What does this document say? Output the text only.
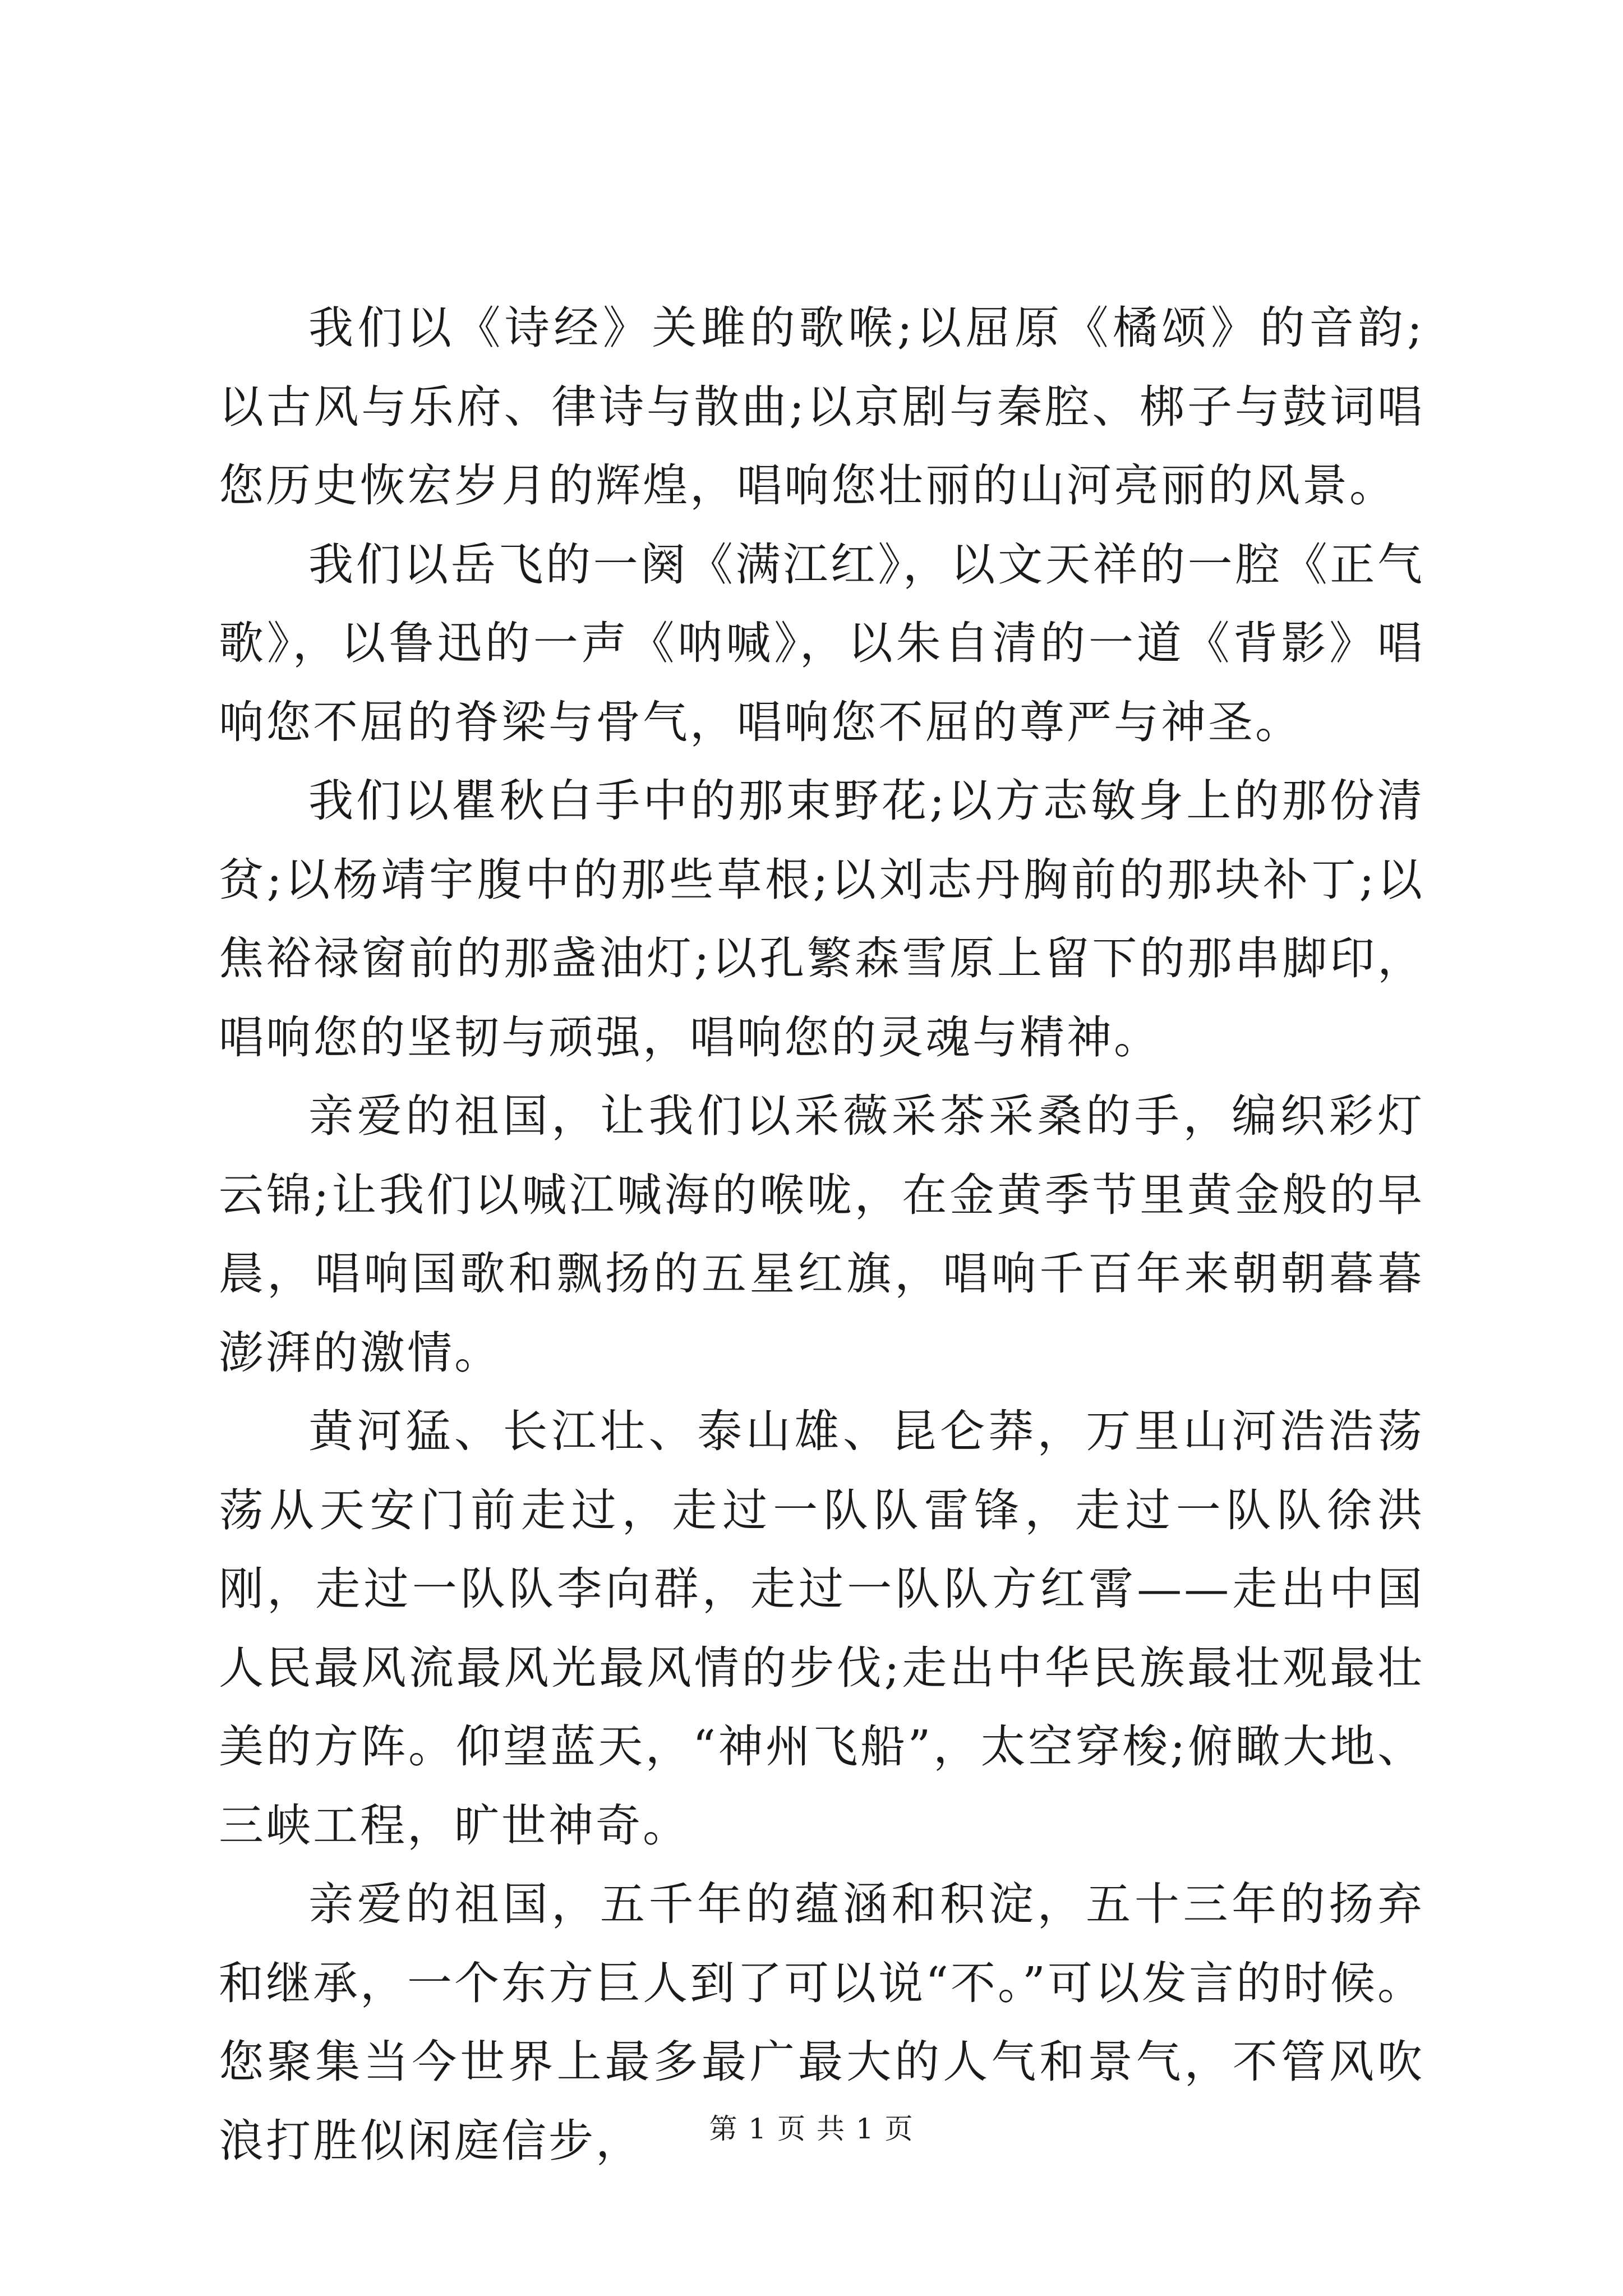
我们以《诗经》关雎的歌喉;以屈原《橘颂》的音韵;以古风与乐府、律诗与散曲;以京剧与秦腔、梆子与鼓词唱您历史恢宏岁月的辉煌，唱响您壮丽的山河亮丽的风景。

我们以岳飞的一阕《满江红》，以文天祥的一腔《正气歌》，以鲁迅的一声《呐喊》，以朱自清的一道《背影》唱响您不屈的脊梁与骨气，唱响您不屈的尊严与神圣。

我们以瞿秋白手中的那束野花;以方志敏身上的那份清贫;以杨靖宇腹中的那些草根;以刘志丹胸前的那块补丁;以焦裕禄窗前的那盏油灯;以孔繁森雪原上留下的那串脚印，唱响您的坚韧与顽强，唱响您的灵魂与精神。

亲爱的祖国，让我们以采薇采茶采桑的手，编织彩灯云锦;让我们以喊江喊海的喉咙，在金黄季节里黄金般的早晨，唱响国歌和飘扬的五星红旗，唱响千百年来朝朝暮暮澎湃的激情。

黄河猛、长江壮、泰山雄、昆仑莽，万里山河浩浩荡荡从天安门前走过，走过一队队雷锋，走过一队队徐洪刚，走过一队队李向群，走过一队队方红霄——走出中国人民最风流最风光最风情的步伐;走出中华民族最壮观最壮美的方阵。仰望蓝天，“神州飞船”，太空穿梭;俯瞰大地、三峡工程，旷世神奇。

亲爱的祖国，五千年的蕴涵和积淀，五十三年的扬弃和继承，一个东方巨人到了可以说“不。”可以发言的时候。您聚集当今世界上最多最广最大的人气和景气，不管风吹浪打胜似闲庭信步，	第 1 页 共 1 页
